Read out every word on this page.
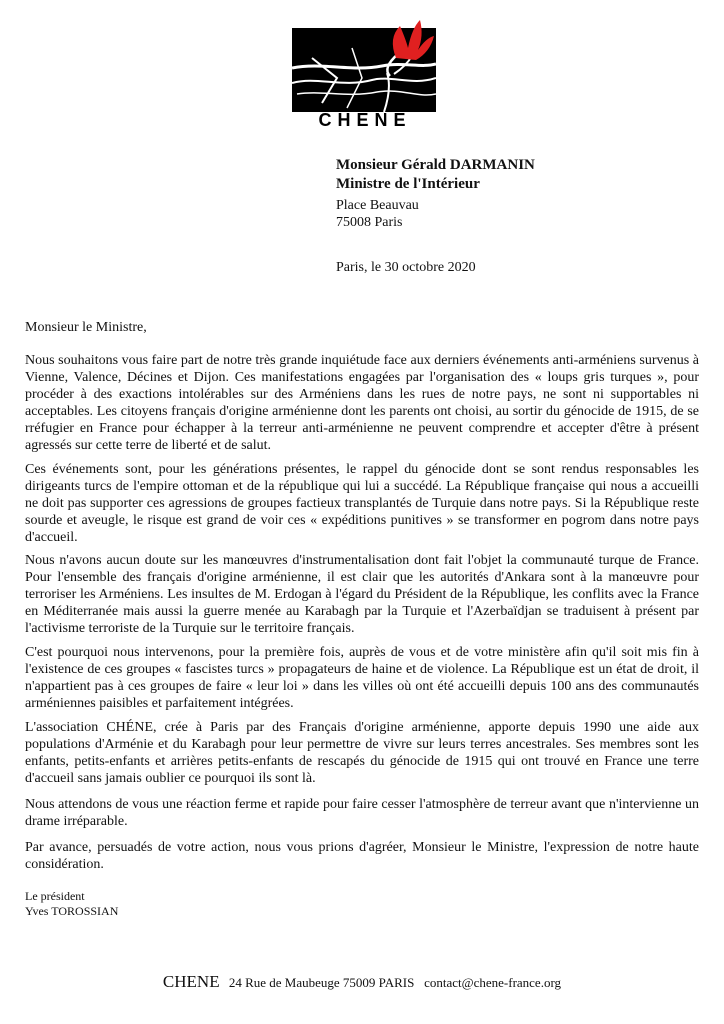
CHENE
Monsieur Gérald DARMANIN
Ministre de l'Intérieur
Place Beauvau
75008 Paris
Paris, le 30 octobre 2020
Monsieur le Ministre,
Nous souhaitons vous faire part de notre très grande inquiétude face aux derniers événements anti-arméniens survenus à Vienne, Valence, Décines et Dijon. Ces manifestations engagées par l'organisation des « loups gris turques », pour procéder à des exactions intolérables sur des Arméniens dans les rues de notre pays, ne sont ni supportables ni acceptables. Les citoyens français d'origine arménienne dont les parents ont choisi, au sortir du génocide de 1915, de se rréfugier en France pour échapper à la terreur anti-arménienne ne peuvent comprendre et accepter d'être à présent agressés sur cette terre de liberté et de salut.
Ces événements sont, pour les générations présentes, le rappel du génocide dont se sont rendus responsables les dirigeants turcs de l'empire ottoman et de la république qui lui a succédé. La République française qui nous a accueilli ne doit pas supporter ces agressions de groupes factieux transplantés de Turquie dans notre pays. Si la République reste sourde et aveugle, le risque est grand de voir ces « expéditions punitives » se transformer en pogrom dans notre pays d'accueil.
Nous n'avons aucun doute sur les manœuvres d'instrumentalisation dont fait l'objet la communauté turque de France. Pour l'ensemble des français d'origine arménienne, il est clair que les autorités d'Ankara sont à la manœuvre pour terroriser les Arméniens. Les insultes de M. Erdogan à l'égard du Président de la République, les conflits avec la France en Méditerranée mais aussi la guerre menée au Karabagh par la Turquie et l'Azerbaïdjan se traduisent à présent par l'activisme terroriste de la Turquie sur le territoire français.
C'est pourquoi nous intervenons, pour la première fois, auprès de vous et de votre ministère afin qu'il soit mis fin à l'existence de ces groupes « fascistes turcs » propagateurs de haine et de violence. La République est un état de droit, il n'appartient pas à ces groupes de faire « leur loi » dans les villes où ont été accueilli depuis 100 ans des communautés arméniennes paisibles et parfaitement intégrées.
L'association CHÉNE, crée à Paris par des Français d'origine arménienne, apporte depuis 1990 une aide aux populations d'Arménie et du Karabagh pour leur permettre de vivre sur leurs terres ancestrales. Ses membres sont les enfants, petits-enfants et arrières petits-enfants de rescapés du génocide de 1915 qui ont trouvé en France une terre d'accueil sans jamais oublier ce pourquoi ils sont là.
Nous attendons de vous une réaction ferme et rapide pour faire cesser l'atmosphère de terreur avant que n'intervienne un drame irréparable.
Par avance, persuadés de votre action, nous vous prions d'agréer, Monsieur le Ministre, l'expression de notre haute considération.
Le président
Yves TOROSSIAN
CHENE 24 Rue de Maubeuge 75009 PARIS contact@chene-france.org
